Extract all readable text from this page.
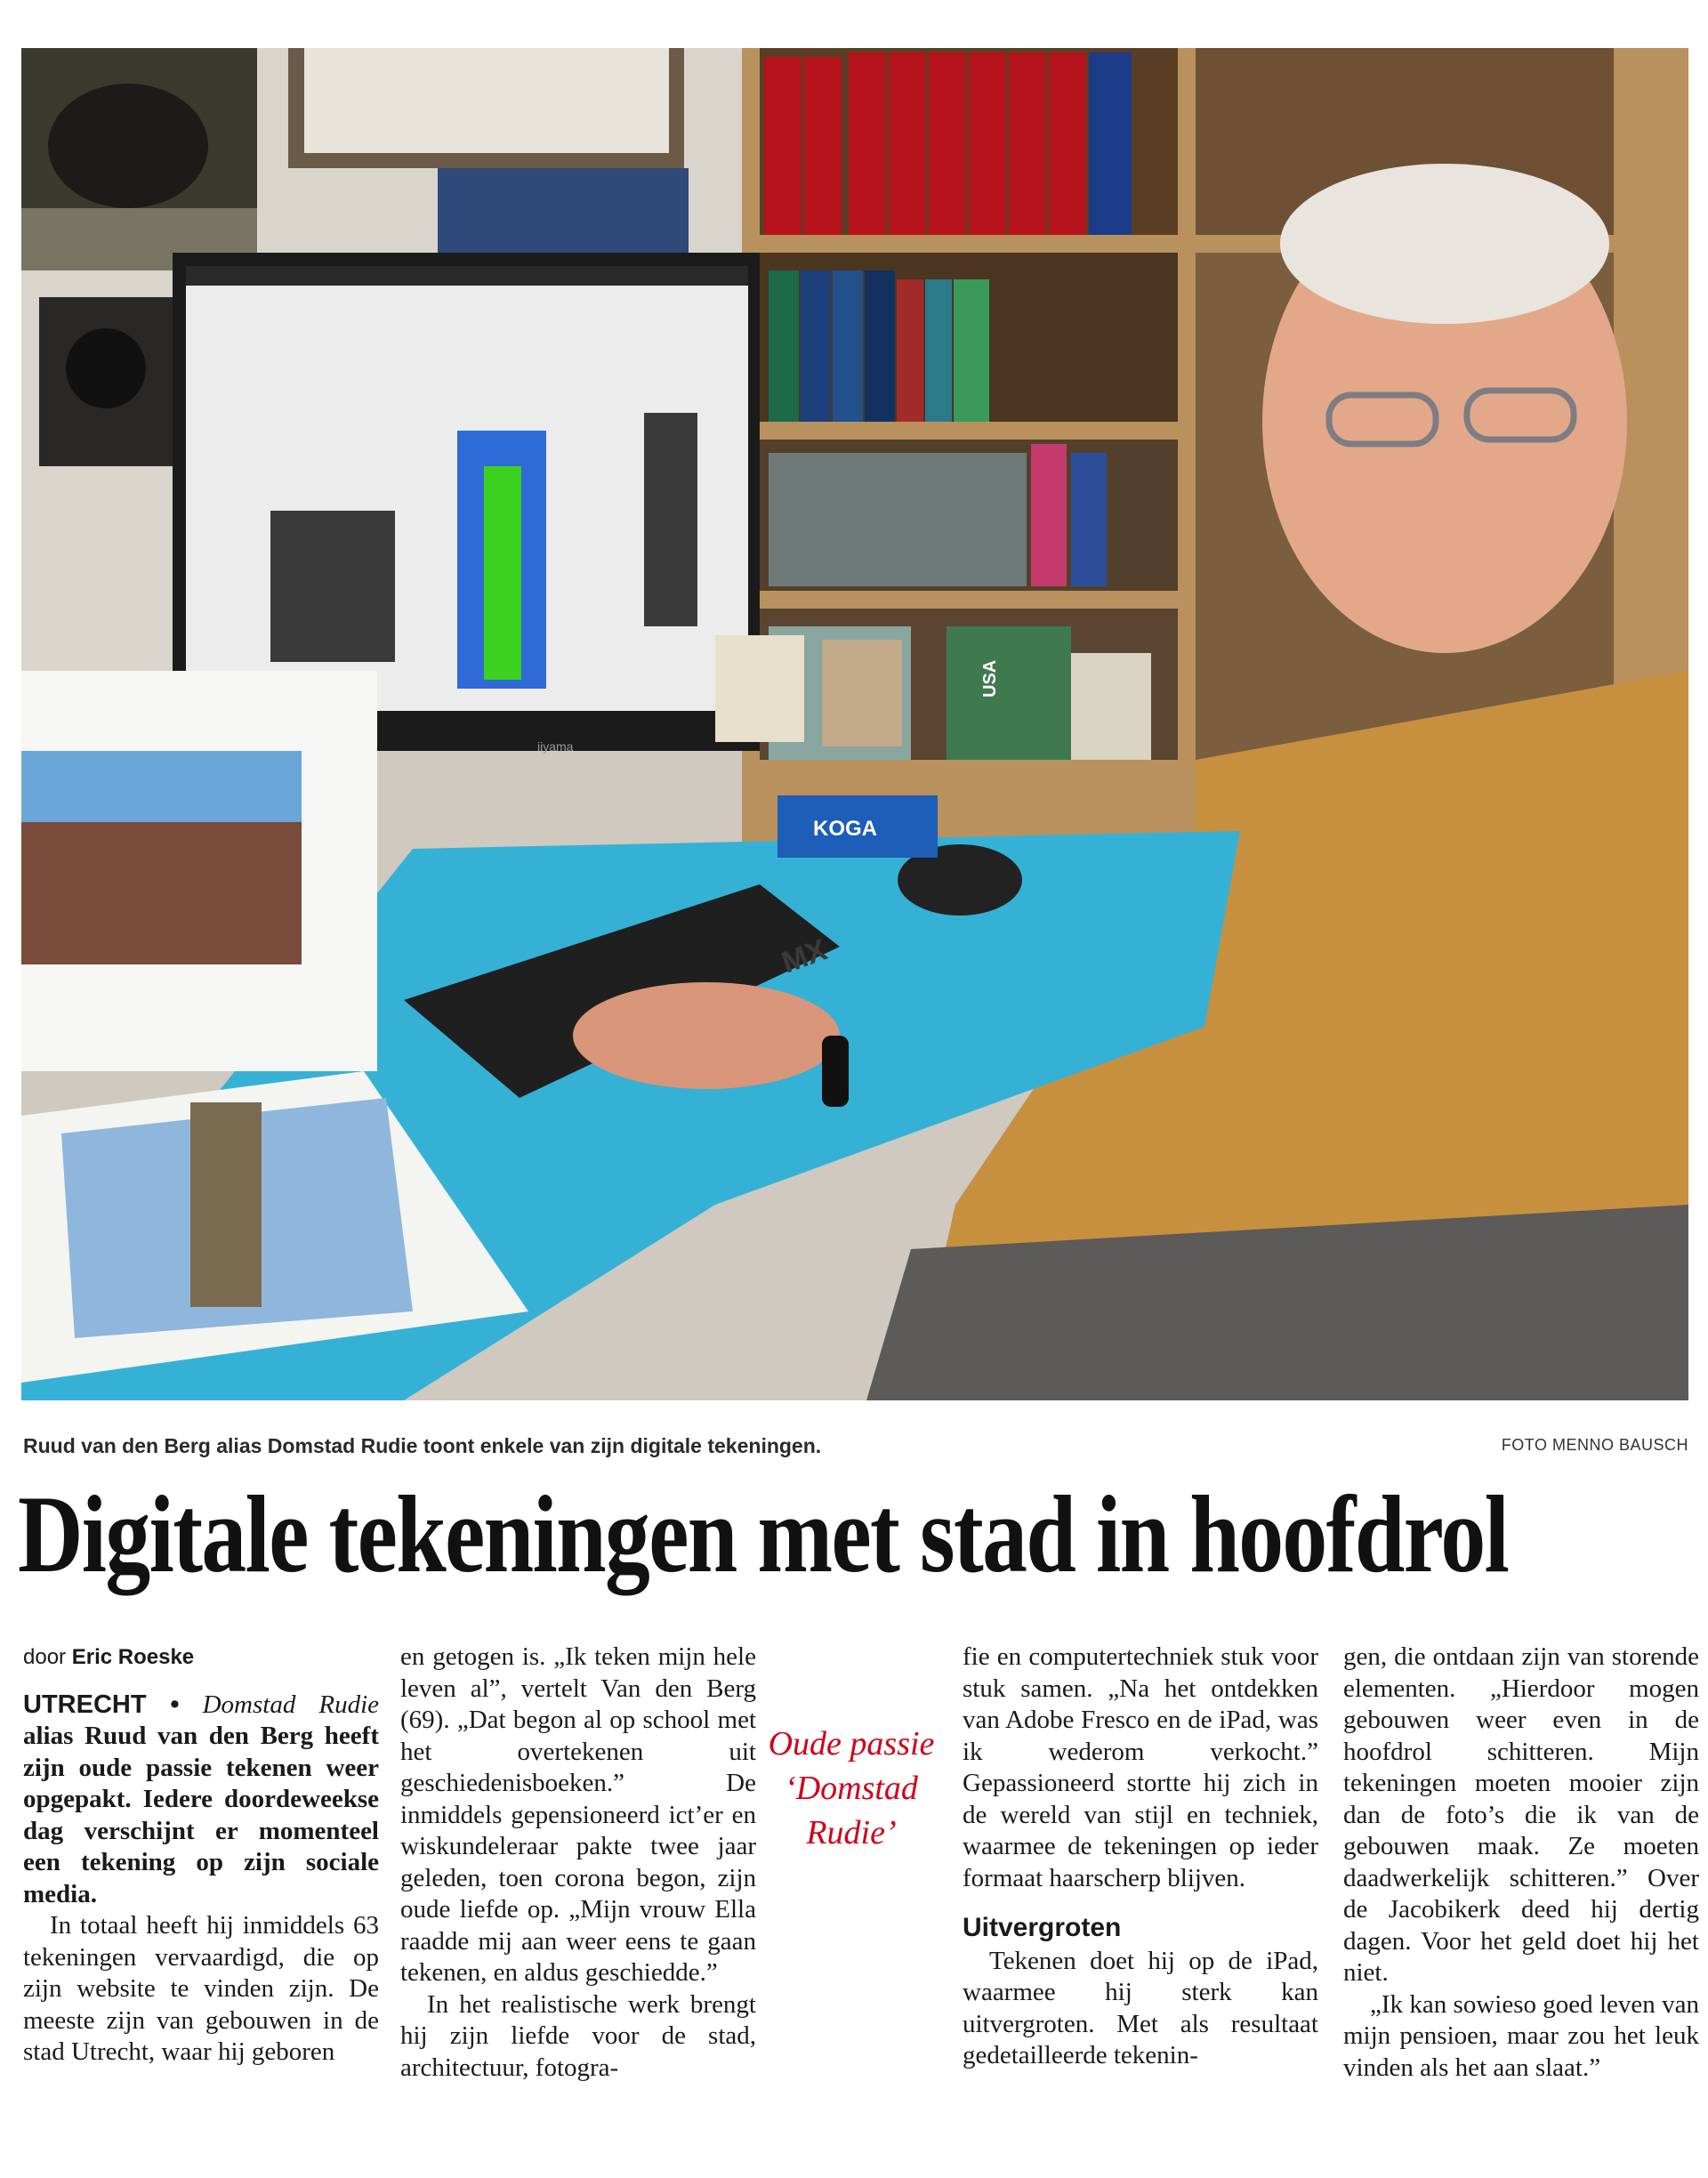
iiyama
MX
KOGA
USA
Ruud van den Berg alias Domstad Rudie toont enkele van zijn digitale tekeningen.	FOTO MENNO BAUSCH
Digitale tekeningen met stad in hoofdrol

door Eric Roeske

UTRECHT • Domstad Rudie alias Ruud van den Berg heeft zijn oude passie tekenen weer opgepakt. Iedere doordeweekse dag verschijnt er momenteel een tekening op zijn sociale media.

In totaal heeft hij inmiddels 63 tekeningen vervaardigd, die op zijn website te vinden zijn. De meeste zijn van gebouwen in de stad Utrecht, waar hij geboren

en getogen is. „Ik teken mijn hele leven al”, vertelt Van den Berg (69). „Dat begon al op school met het overtekenen uit geschiedenisboeken.” De inmiddels gepensioneerd ict’er en wiskundeleraar pakte twee jaar geleden, toen corona begon, zijn oude liefde op. „Mijn vrouw Ella raadde mij aan weer eens te gaan tekenen, en aldus geschiedde.”

In het realistische werk brengt hij zijn liefde voor de stad, architectuur, fotogra-

Oude passie ‘Domstad Rudie’

fie en computertechniek stuk voor stuk samen. „Na het ontdekken van Adobe Fresco en de iPad, was ik wederom verkocht.” Gepassioneerd stortte hij zich in de wereld van stijl en techniek, waarmee de tekeningen op ieder formaat haarscherp blijven.

Uitvergroten

Tekenen doet hij op de iPad, waarmee hij sterk kan uitvergroten. Met als resultaat gedetailleerde tekenin-

gen, die ontdaan zijn van storende elementen. „Hierdoor mogen gebouwen weer even in de hoofdrol schitteren. Mijn tekeningen moeten mooier zijn dan de foto’s die ik van de gebouwen maak. Ze moeten daadwerkelijk schitteren.” Over de Jacobikerk deed hij dertig dagen. Voor het geld doet hij het niet.

„Ik kan sowieso goed leven van mijn pensioen, maar zou het leuk vinden als het aan slaat.”
